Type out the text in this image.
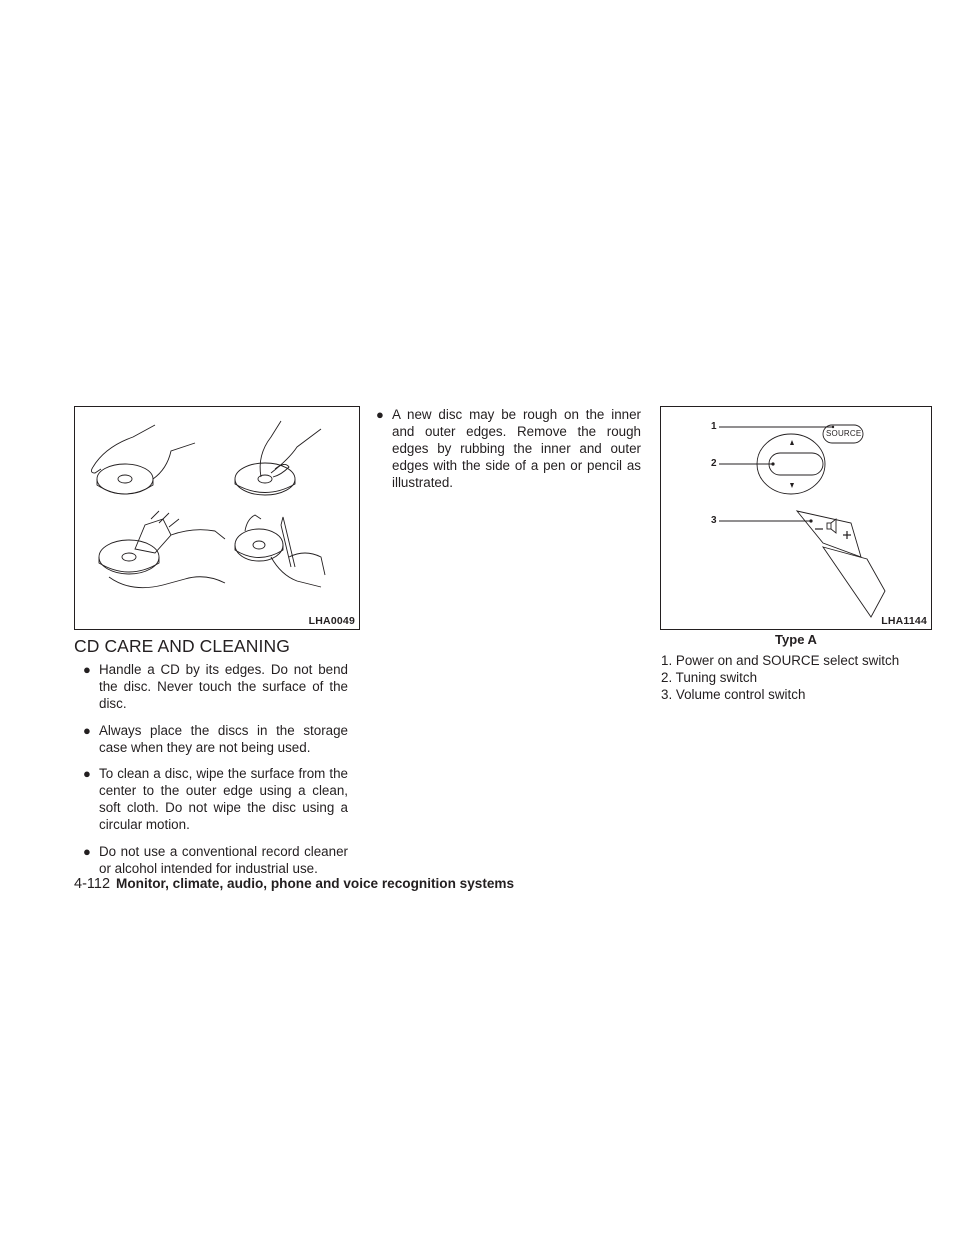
LHA0049
CD CARE AND CLEANING
● Handle a CD by its edges. Do not bend the disc. Never touch the surface of the disc.
● Always place the discs in the storage case when they are not being used.
● To clean a disc, wipe the surface from the center to the outer edge using a clean, soft cloth. Do not wipe the disc using a circular motion.
● Do not use a conventional record cleaner or alcohol intended for industrial use.
● A new disc may be rough on the inner and outer edges. Remove the rough edges by rubbing the inner and outer edges with the side of a pen or pencil as illustrated.
1
2
3
SOURCE
LHA1144
Type A
1. Power on and SOURCE select switch
2. Tuning switch
3. Volume control switch
4-112 Monitor, climate, audio, phone and voice recognition systems
